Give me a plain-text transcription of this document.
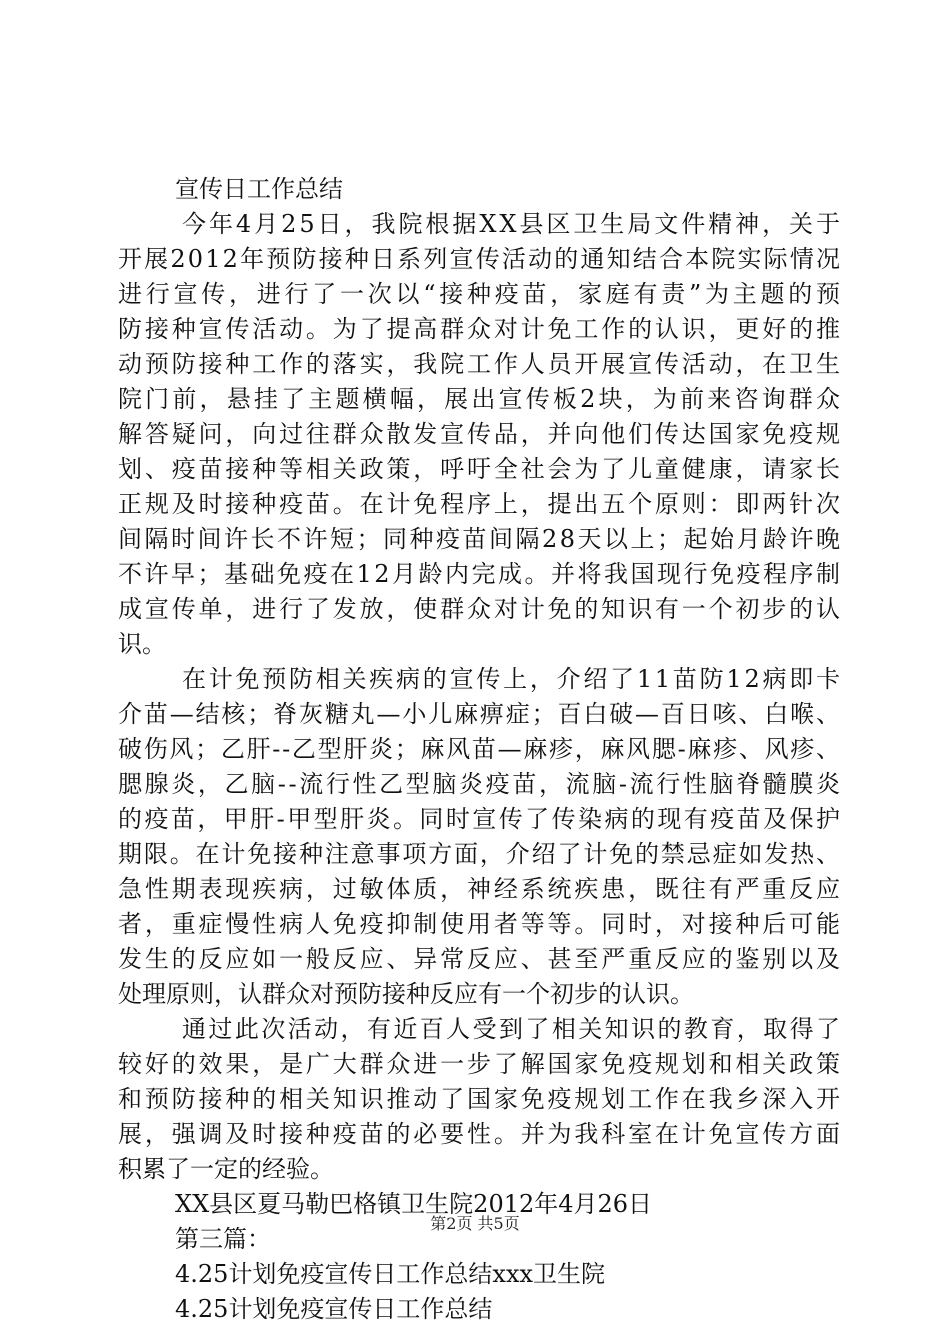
宣传日工作总结
今年4月25日，我院根据XX县区卫生局文件精神，关于
开展2012年预防接种日系列宣传活动的通知结合本院实际情况
进行宣传，进行了一次以“接种疫苗，家庭有责”为主题的预
防接种宣传活动。为了提高群众对计免工作的认识，更好的推
动预防接种工作的落实，我院工作人员开展宣传活动，在卫生
院门前，悬挂了主题横幅，展出宣传板2块，为前来咨询群众
解答疑问，向过往群众散发宣传品，并向他们传达国家免疫规
划、疫苗接种等相关政策，呼吁全社会为了儿童健康，请家长
正规及时接种疫苗。在计免程序上，提出五个原则：即两针次
间隔时间许长不许短；同种疫苗间隔28天以上；起始月龄许晚
不许早；基础免疫在12月龄内完成。并将我国现行免疫程序制
成宣传单，进行了发放，使群众对计免的知识有一个初步的认
识。
在计免预防相关疾病的宣传上，介绍了11苗防12病即卡
介苗—结核；脊灰糖丸—小儿麻痹症；百白破—百日咳、白喉、
破伤风；乙肝--乙型肝炎；麻风苗—麻疹，麻风腮-麻疹、风疹、
腮腺炎，乙脑--流行性乙型脑炎疫苗，流脑-流行性脑脊髓膜炎
的疫苗，甲肝-甲型肝炎。同时宣传了传染病的现有疫苗及保护
期限。在计免接种注意事项方面，介绍了计免的禁忌症如发热、
急性期表现疾病，过敏体质，神经系统疾患，既往有严重反应
者，重症慢性病人免疫抑制使用者等等。同时，对接种后可能
发生的反应如一般反应、异常反应、甚至严重反应的鉴别以及
处理原则，认群众对预防接种反应有一个初步的认识。
通过此次活动，有近百人受到了相关知识的教育，取得了
较好的效果，是广大群众进一步了解国家免疫规划和相关政策
和预防接种的相关知识推动了国家免疫规划工作在我乡深入开
展，强调及时接种疫苗的必要性。并为我科室在计免宣传方面
积累了一定的经验。
XX县区夏马勒巴格镇卫生院2012年4月26日
第三篇：
4.25计划免疫宣传日工作总结xxx卫生院
4.25计划免疫宣传日工作总结
第2页 共5页
